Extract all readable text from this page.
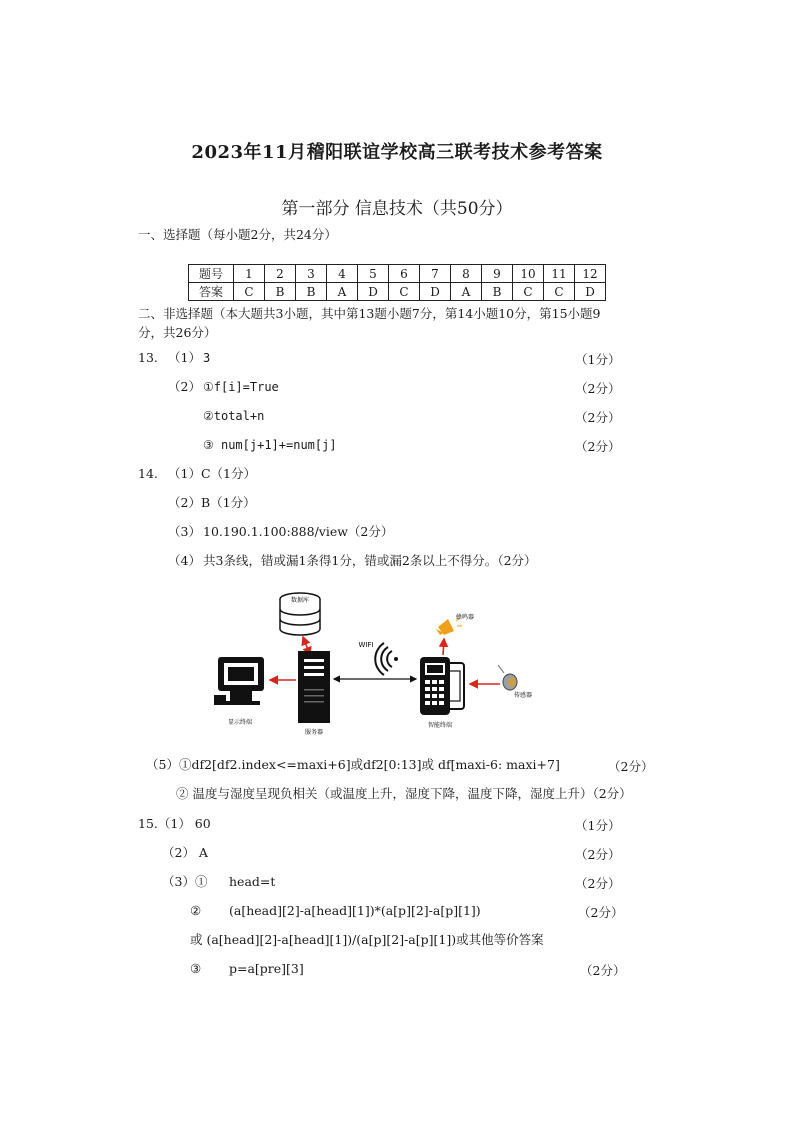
2023年11月稽阳联谊学校高三联考技术参考答案
第一部分 信息技术（共50分）
一、选择题（每小题2分，共24分）
题号	1	2	3	4	5	6	7	8	9	10	11	12
答案	C	B	B	A	D	C	D	A	B	C	C	D
二、非选择题（本大题共3小题，其中第13题小题7分，第14小题10分，第15小题9
分，共26分）
13. （1） 3	（1分）
（2） ①f[i]=True	（2分）
②total+n	（2分）
③ num[j+1]+=num[j]	（2分）
14. （1）C（1分）
（2）B（1分）
（3） 10.190.1.100:888/view（2分）
（4） 共3条线，错或漏1条得1分，错或漏2条以上不得分。（2分）
数据库
服务器
显示终端
WIFI
智能终端
蜂鸣器
传感器
（5）①df2[df2.index<=maxi+6]或df2[0:13]或 df[maxi-6: maxi+7]	（2分）
② 温度与湿度呈现负相关（或温度上升，湿度下降，温度下降，湿度上升）（2分）
15.（1） 60	（1分）
（2） A	（2分）
（3）① head=t	（2分）
② (a[head][2]-a[head][1])*(a[p][2]-a[p][1])	（2分）
或 (a[head][2]-a[head][1])/(a[p][2]-a[p][1])或其他等价答案
③ p=a[pre][3]	（2分）
